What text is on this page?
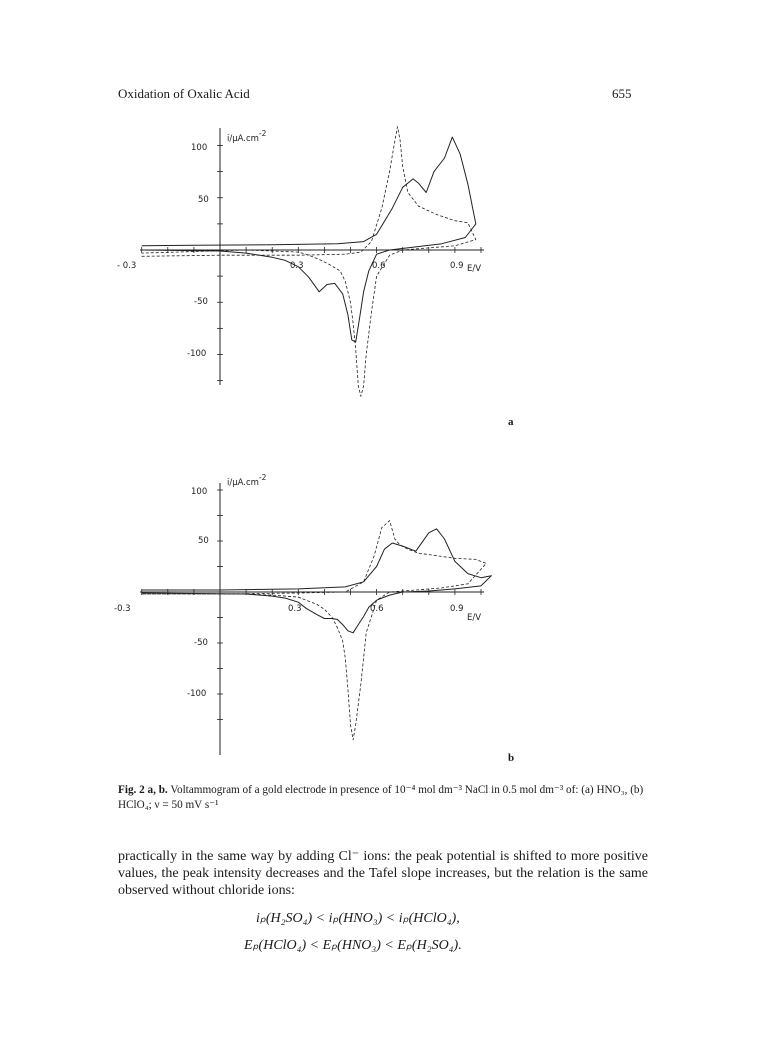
Oxidation of Oxalic Acid	655
- 0.3	0.3	0.6	0.9
100
50
-50
-100
E/V
i/μA.cm-2
a
-0.3	0.3	0.6	0.9
100
50
-50
-100
E/V
i/μA.cm-2
b
Fig. 2 a, b. Voltammogram of a gold electrode in presence of 10⁻⁴ mol dm⁻³ NaCl in 0.5 mol dm⁻³ of: (a) HNO₃, (b) HClO₄; ν = 50 mV s⁻¹
practically in the same way by adding Cl⁻ ions: the peak potential is shifted to more positive values, the peak intensity decreases and the Tafel slope increases, but the relation is the same observed without chloride ions:
iₚ(H₂SO₄) < iₚ(HNO₃) < iₚ(HClO₄),
Eₚ(HClO₄) < Eₚ(HNO₃) < Eₚ(H₂SO₄).
